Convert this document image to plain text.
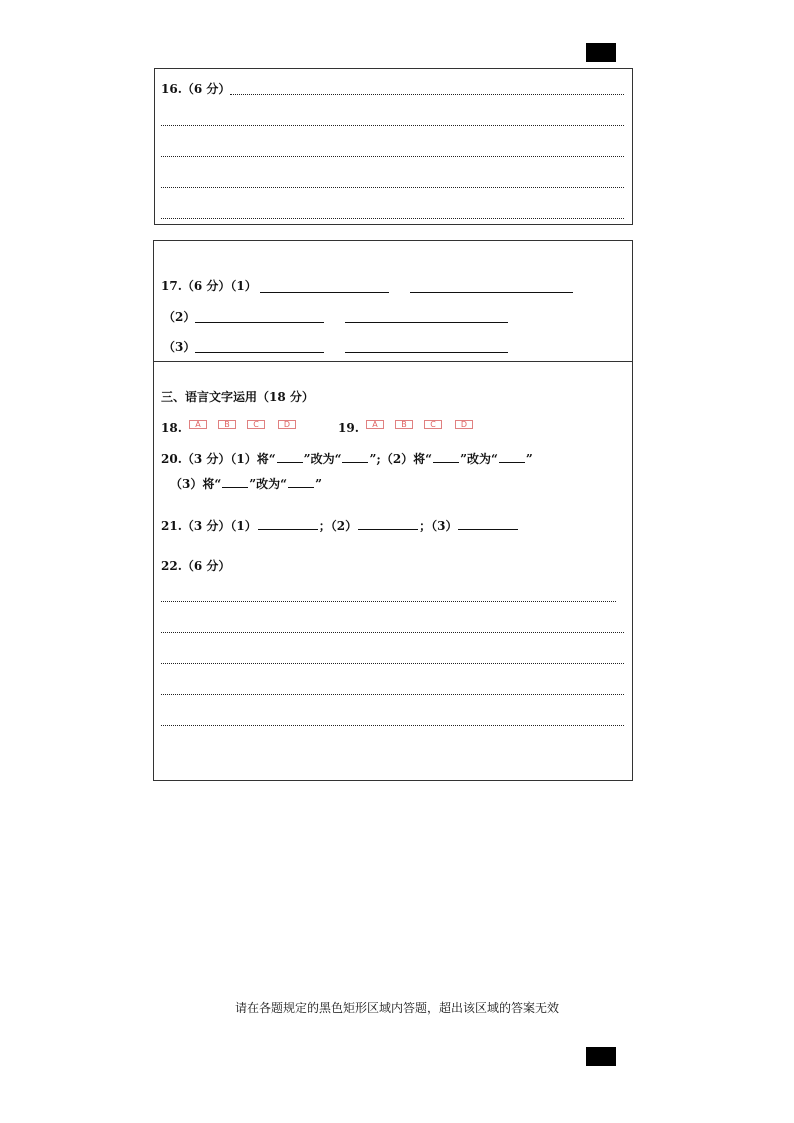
16.（6 分）
17.（6 分）（1）
（2）
（3）
三、语言文字运用（18 分）
18.	A	B	C	D	19.	A	B	C	D
20.（3 分）（1）将“ ”改为“ ”;（2）将“ ”改为“ ”
（3）将“ ”改为“ ”
21.（3 分）（1）	；（2）	；（3）
22.（6 分）
请在各题规定的黑色矩形区域内答题，超出该区域的答案无效
